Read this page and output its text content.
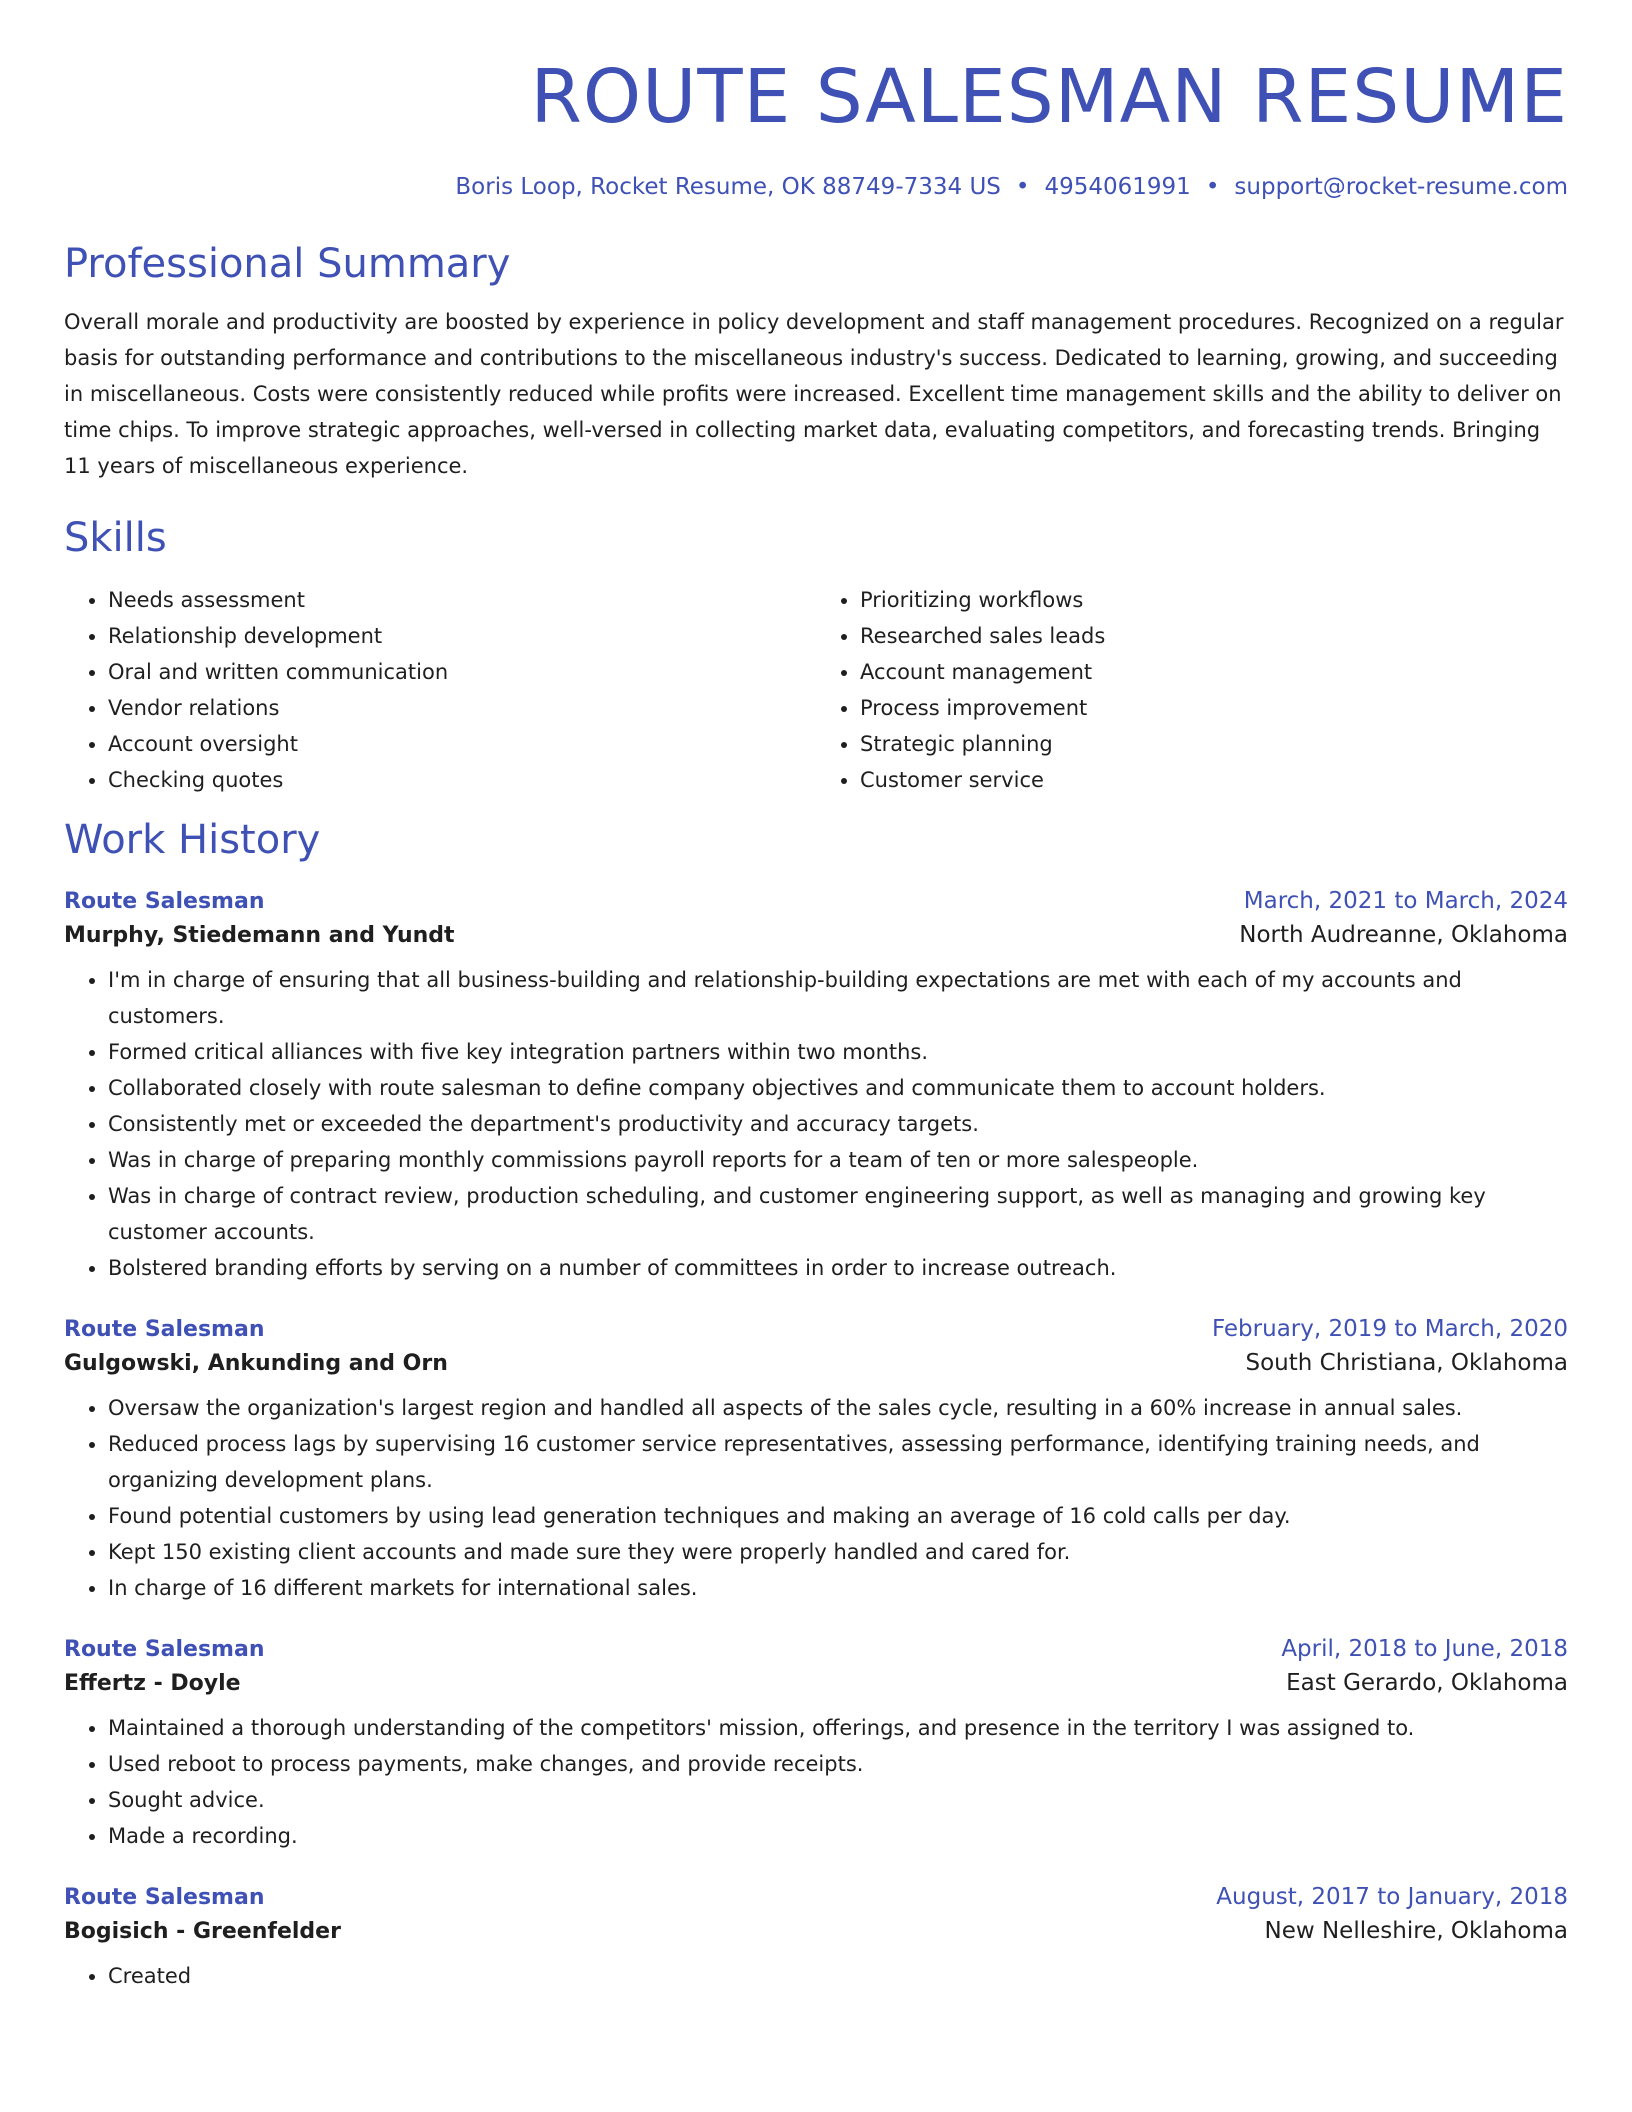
ROUTE SALESMAN RESUME
Boris Loop, Rocket Resume, OK 88749-7334 US • 4954061991 • support@rocket-resume.com
Professional Summary
Overall morale and productivity are boosted by experience in policy development and staff management procedures. Recognized on a regular basis for outstanding performance and contributions to the miscellaneous industry's success. Dedicated to learning, growing, and succeeding in miscellaneous. Costs were consistently reduced while profits were increased. Excellent time management skills and the ability to deliver on time chips. To improve strategic approaches, well-versed in collecting market data, evaluating competitors, and forecasting trends. Bringing 11 years of miscellaneous experience.
Skills
• Needs assessment
• Relationship development
• Oral and written communication
• Vendor relations
• Account oversight
• Checking quotes
• Prioritizing workflows
• Researched sales leads
• Account management
• Process improvement
• Strategic planning
• Customer service
Work History
Route Salesman	March, 2021 to March, 2024
Murphy, Stiedemann and Yundt	North Audreanne, Oklahoma
• I'm in charge of ensuring that all business-building and relationship-building expectations are met with each of my accounts and customers.
• Formed critical alliances with five key integration partners within two months.
• Collaborated closely with route salesman to define company objectives and communicate them to account holders.
• Consistently met or exceeded the department's productivity and accuracy targets.
• Was in charge of preparing monthly commissions payroll reports for a team of ten or more salespeople.
• Was in charge of contract review, production scheduling, and customer engineering support, as well as managing and growing key customer accounts.
• Bolstered branding efforts by serving on a number of committees in order to increase outreach.
Route Salesman	February, 2019 to March, 2020
Gulgowski, Ankunding and Orn	South Christiana, Oklahoma
• Oversaw the organization's largest region and handled all aspects of the sales cycle, resulting in a 60% increase in annual sales.
• Reduced process lags by supervising 16 customer service representatives, assessing performance, identifying training needs, and organizing development plans.
• Found potential customers by using lead generation techniques and making an average of 16 cold calls per day.
• Kept 150 existing client accounts and made sure they were properly handled and cared for.
• In charge of 16 different markets for international sales.
Route Salesman	April, 2018 to June, 2018
Effertz - Doyle	East Gerardo, Oklahoma
• Maintained a thorough understanding of the competitors' mission, offerings, and presence in the territory I was assigned to.
• Used reboot to process payments, make changes, and provide receipts.
• Sought advice.
• Made a recording.
Route Salesman	August, 2017 to January, 2018
Bogisich - Greenfelder	New Nelleshire, Oklahoma
• Created
